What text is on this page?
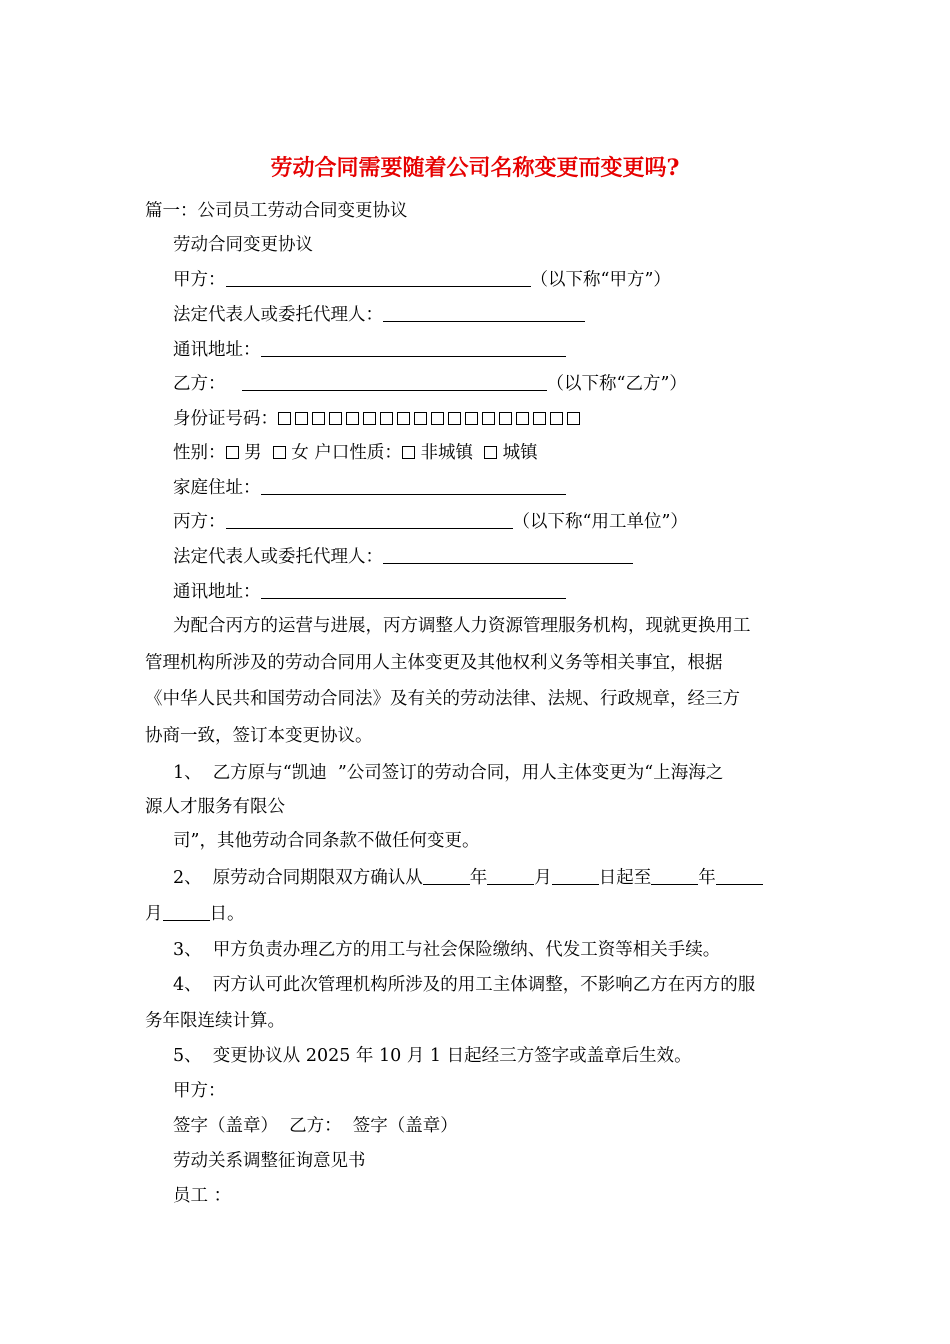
劳动合同需要随着公司名称变更而变更吗?
篇一：公司员工劳动合同变更协议
劳动合同变更协议
甲方：	（以下称“甲方”）
法定代表人或委托代理人：
通讯地址：
乙方：	（以下称“乙方”）
身份证号码：
性别： 男 女 户口性质： 非城镇 城镇
家庭住址：
丙方：	（以下称“用工单位”）
法定代表人或委托代理人：
通讯地址：
为配合丙方的运营与进展，丙方调整人力资源管理服务机构，现就更换用工
管理机构所涉及的劳动合同用人主体变更及其他权利义务等相关事宜，根据
《中华人民共和国劳动合同法》及有关的劳动法律、法规、行政规章，经三方
协商一致，签订本变更协议。
1、  乙方原与“凯迪  ”公司签订的劳动合同，用人主体变更为“上海海之
源人才服务有限公
司”，其他劳动合同条款不做任何变更。
2、  原劳动合同期限双方确认从	年	月	日起至	年
月	日。
3、  甲方负责办理乙方的用工与社会保险缴纳、代发工资等相关手续。
4、  丙方认可此次管理机构所涉及的用工主体调整，不影响乙方在丙方的服
务年限连续计算。
5、  变更协议从 2025 年 10 月 1 日起经三方签字或盖章后生效。
甲方：
签字（盖章）  乙方：  签字（盖章）
劳动关系调整征询意见书
员工 ：
